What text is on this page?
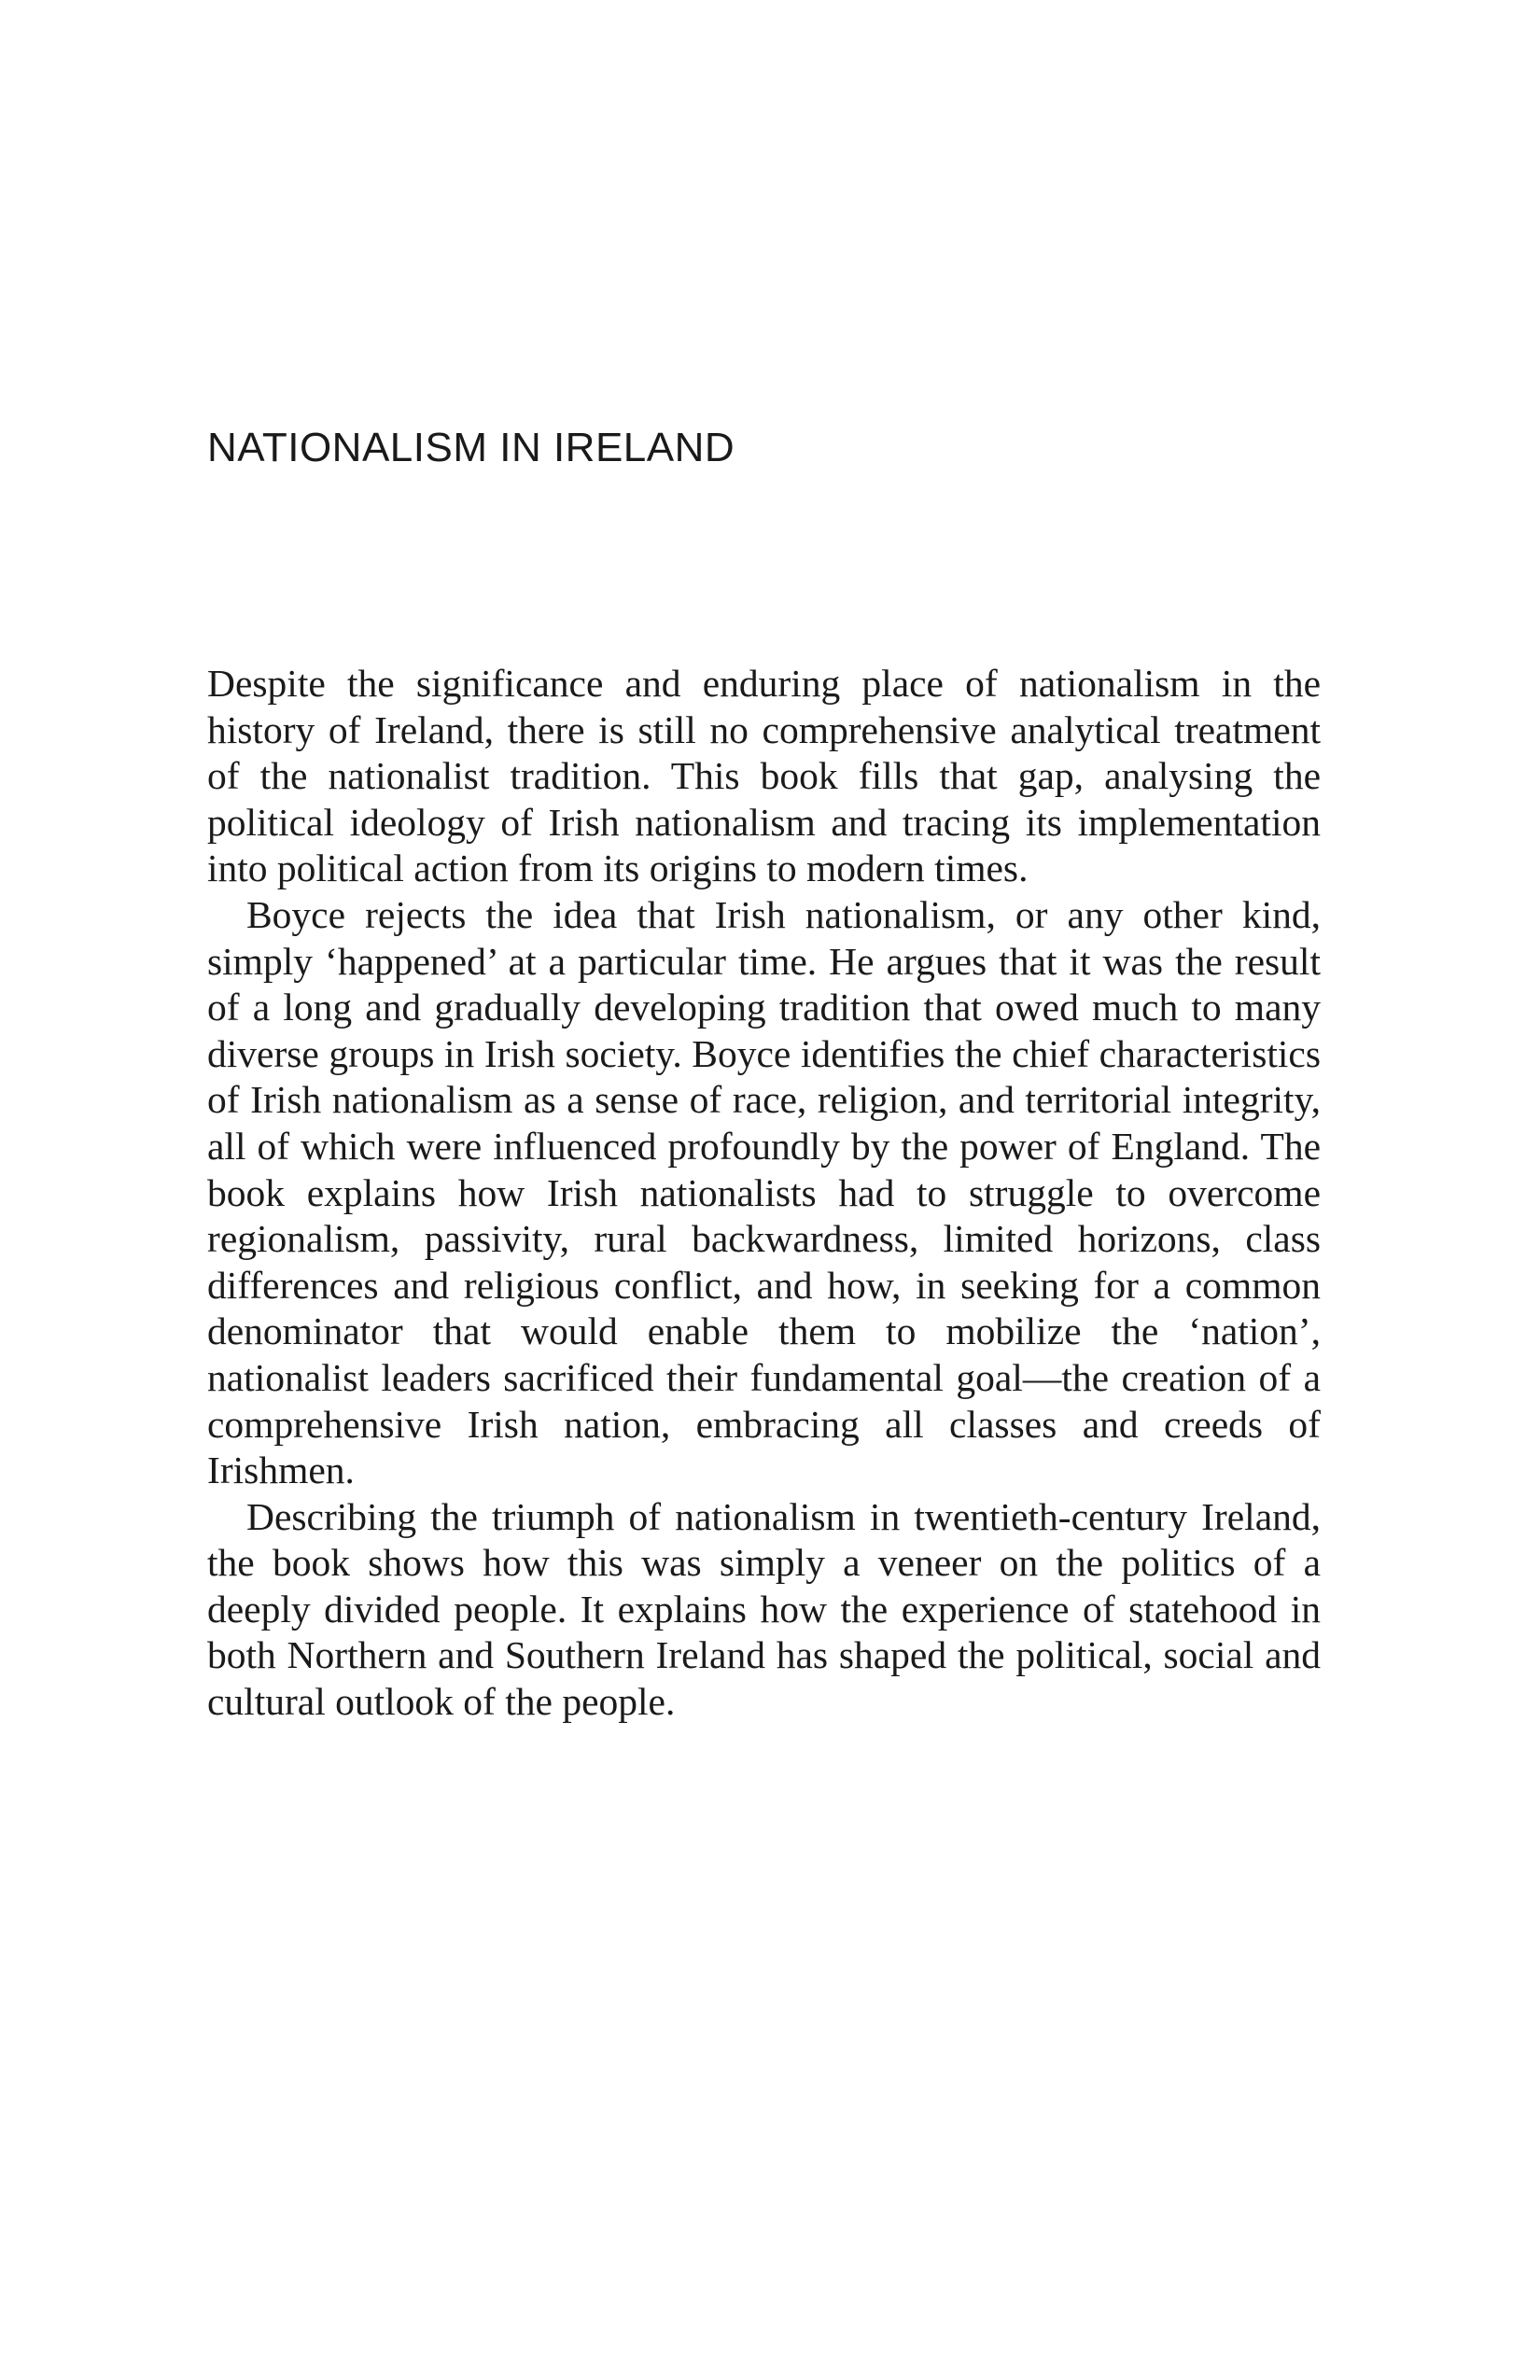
NATIONALISM IN IRELAND

Despite the significance and enduring place of nationalism in the history of Ireland, there is still no comprehensive analytical treatment of the nationalist tradition. This book fills that gap, analysing the political ideology of Irish nationalism and tracing its implementation into political action from its origins to modern times.

Boyce rejects the idea that Irish nationalism, or any other kind, simply ‘happened’ at a particular time. He argues that it was the result of a long and gradually developing tradition that owed much to many diverse groups in Irish society. Boyce identifies the chief characteristics of Irish nationalism as a sense of race, religion, and territorial integrity, all of which were influenced profoundly by the power of England. The book explains how Irish nationalists had to struggle to overcome regionalism, passivity, rural backwardness, limited horizons, class differences and religious conflict, and how, in seeking for a common denominator that would enable them to mobilize the ‘nation’, nationalist leaders sacrificed their fundamental goal—the creation of a comprehensive Irish nation, embracing all classes and creeds of Irishmen.

Describing the triumph of nationalism in twentieth-century Ireland, the book shows how this was simply a veneer on the politics of a deeply divided people. It explains how the experience of statehood in both Northern and Southern Ireland has shaped the political, social and cultural outlook of the people.
